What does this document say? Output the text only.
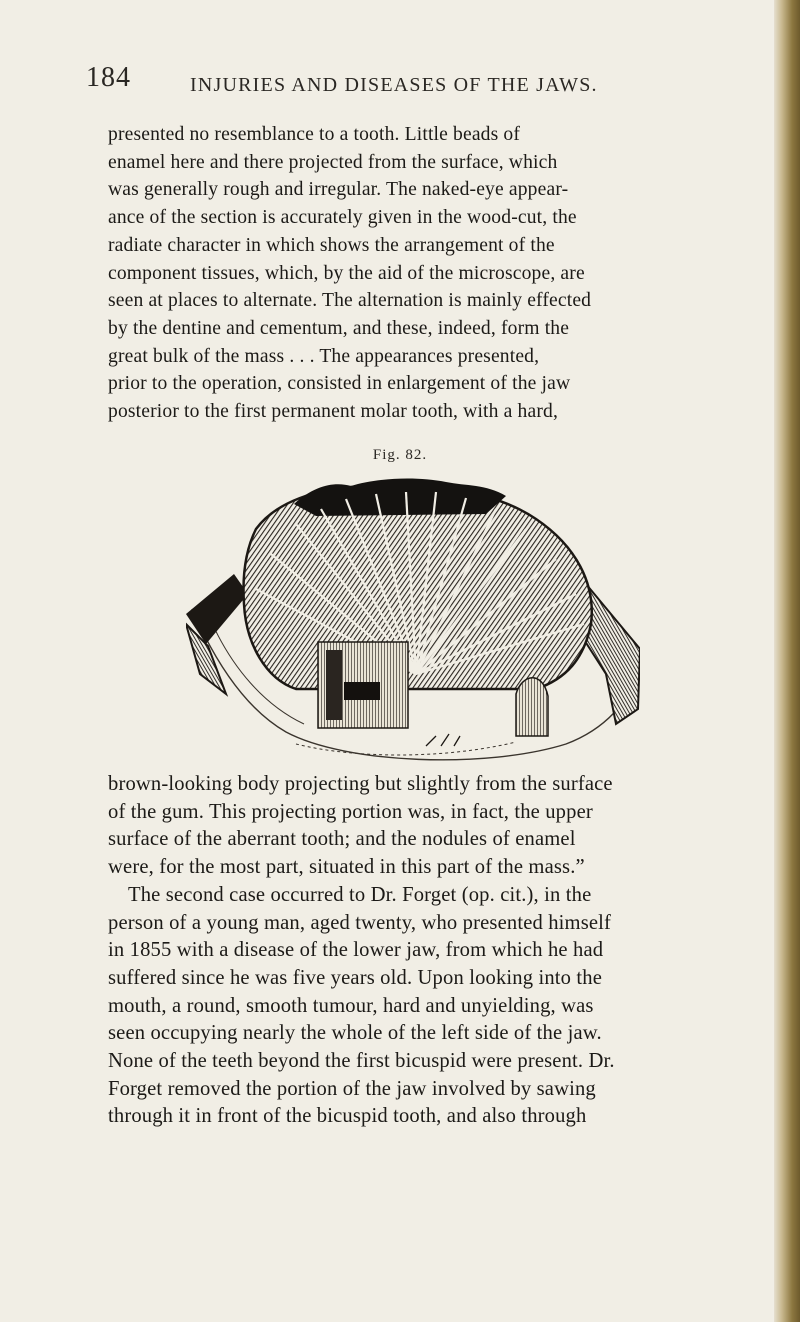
184	INJURIES AND DISEASES OF THE JAWS.

presented no resemblance to a tooth. Little beads of
enamel here and there projected from the surface, which
was generally rough and irregular. The naked-eye appear-
ance of the section is accurately given in the wood-cut, the
radiate character in which shows the arrangement of the
component tissues, which, by the aid of the microscope, are
seen at places to alternate. The alternation is mainly effected
by the dentine and cementum, and these, indeed, form the
great bulk of the mass . . . The appearances presented,
prior to the operation, consisted in enlargement of the jaw
posterior to the first permanent molar tooth, with a hard,

Fig. 82.

brown-looking body projecting but slightly from the surface
of the gum. This projecting portion was, in fact, the upper
surface of the aberrant tooth; and the nodules of enamel
were, for the most part, situated in this part of the mass.”
The second case occurred to Dr. Forget (op. cit.), in the
person of a young man, aged twenty, who presented himself
in 1855 with a disease of the lower jaw, from which he had
suffered since he was five years old. Upon looking into the
mouth, a round, smooth tumour, hard and unyielding, was
seen occupying nearly the whole of the left side of the jaw.
None of the teeth beyond the first bicuspid were present. Dr.
Forget removed the portion of the jaw involved by sawing
through it in front of the bicuspid tooth, and also through
